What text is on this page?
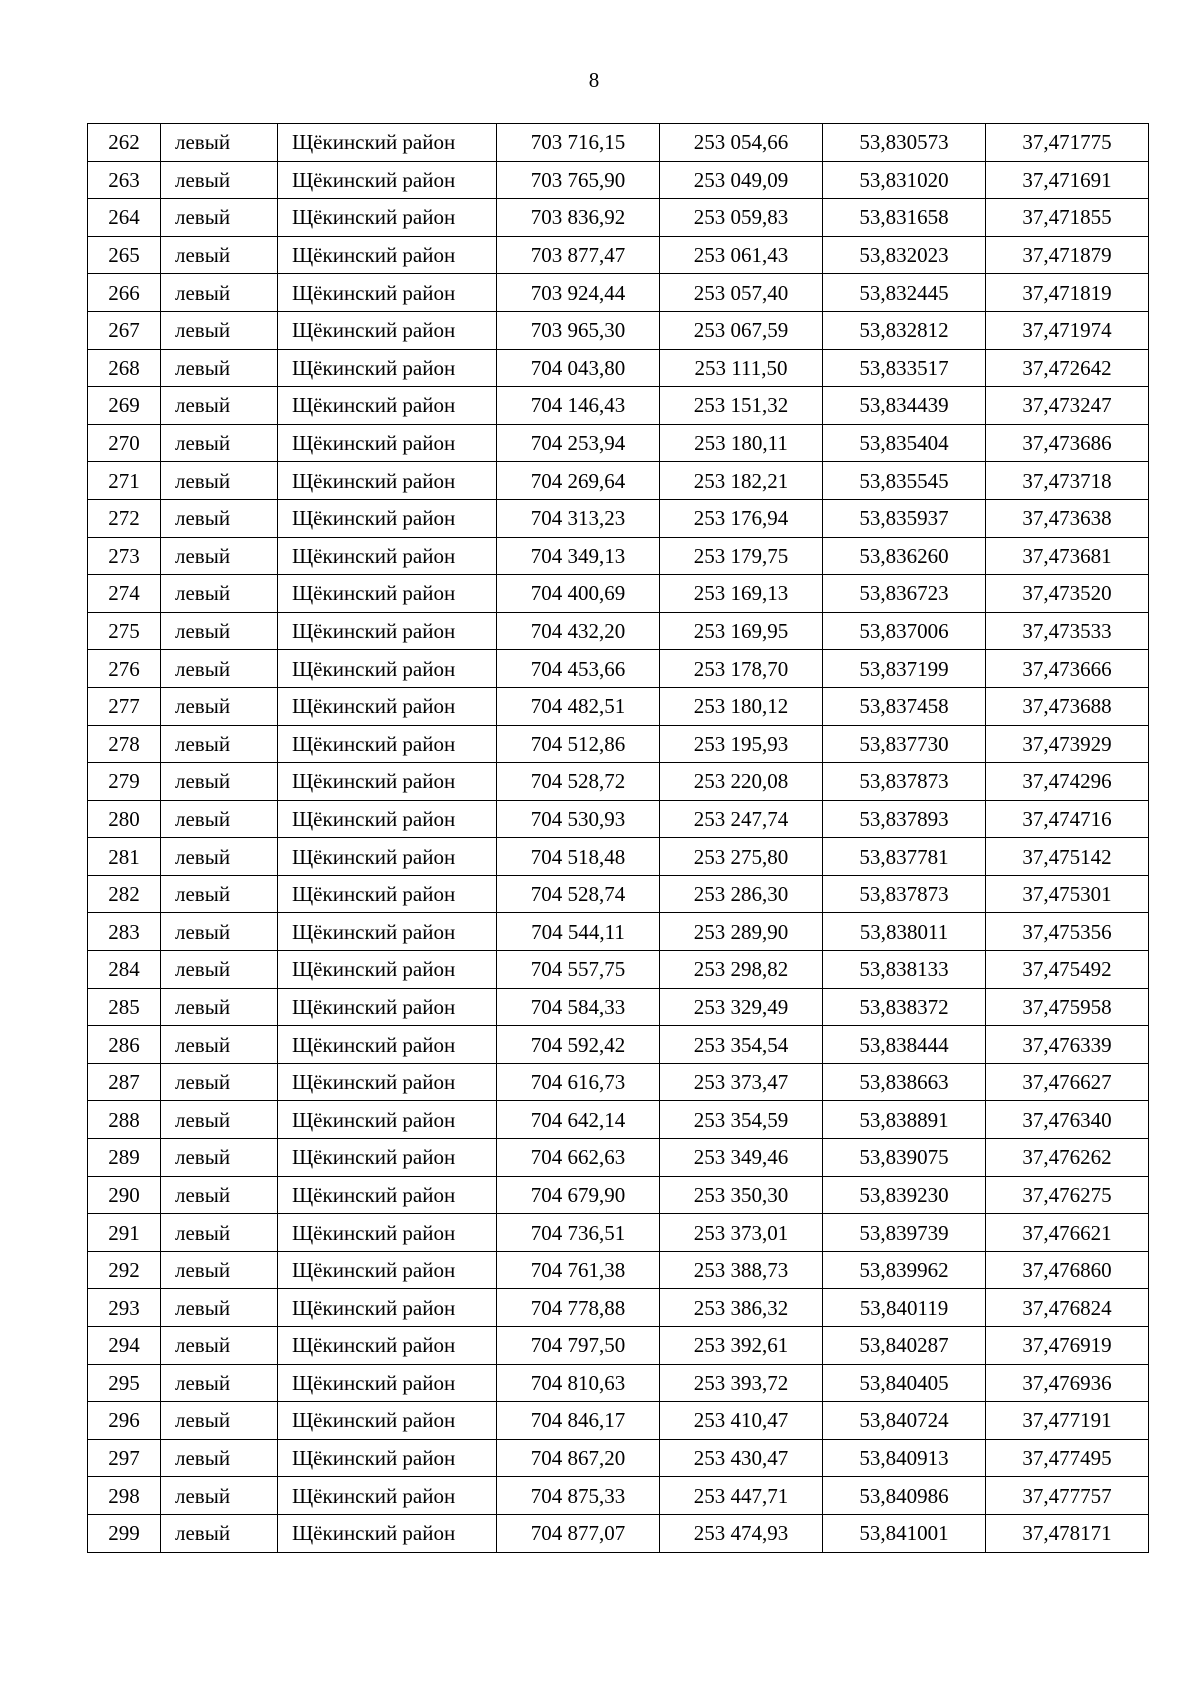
8
262	левый	Щёкинский район	703 716,15	253 054,66	53,830573	37,471775
263	левый	Щёкинский район	703 765,90	253 049,09	53,831020	37,471691
264	левый	Щёкинский район	703 836,92	253 059,83	53,831658	37,471855
265	левый	Щёкинский район	703 877,47	253 061,43	53,832023	37,471879
266	левый	Щёкинский район	703 924,44	253 057,40	53,832445	37,471819
267	левый	Щёкинский район	703 965,30	253 067,59	53,832812	37,471974
268	левый	Щёкинский район	704 043,80	253 111,50	53,833517	37,472642
269	левый	Щёкинский район	704 146,43	253 151,32	53,834439	37,473247
270	левый	Щёкинский район	704 253,94	253 180,11	53,835404	37,473686
271	левый	Щёкинский район	704 269,64	253 182,21	53,835545	37,473718
272	левый	Щёкинский район	704 313,23	253 176,94	53,835937	37,473638
273	левый	Щёкинский район	704 349,13	253 179,75	53,836260	37,473681
274	левый	Щёкинский район	704 400,69	253 169,13	53,836723	37,473520
275	левый	Щёкинский район	704 432,20	253 169,95	53,837006	37,473533
276	левый	Щёкинский район	704 453,66	253 178,70	53,837199	37,473666
277	левый	Щёкинский район	704 482,51	253 180,12	53,837458	37,473688
278	левый	Щёкинский район	704 512,86	253 195,93	53,837730	37,473929
279	левый	Щёкинский район	704 528,72	253 220,08	53,837873	37,474296
280	левый	Щёкинский район	704 530,93	253 247,74	53,837893	37,474716
281	левый	Щёкинский район	704 518,48	253 275,80	53,837781	37,475142
282	левый	Щёкинский район	704 528,74	253 286,30	53,837873	37,475301
283	левый	Щёкинский район	704 544,11	253 289,90	53,838011	37,475356
284	левый	Щёкинский район	704 557,75	253 298,82	53,838133	37,475492
285	левый	Щёкинский район	704 584,33	253 329,49	53,838372	37,475958
286	левый	Щёкинский район	704 592,42	253 354,54	53,838444	37,476339
287	левый	Щёкинский район	704 616,73	253 373,47	53,838663	37,476627
288	левый	Щёкинский район	704 642,14	253 354,59	53,838891	37,476340
289	левый	Щёкинский район	704 662,63	253 349,46	53,839075	37,476262
290	левый	Щёкинский район	704 679,90	253 350,30	53,839230	37,476275
291	левый	Щёкинский район	704 736,51	253 373,01	53,839739	37,476621
292	левый	Щёкинский район	704 761,38	253 388,73	53,839962	37,476860
293	левый	Щёкинский район	704 778,88	253 386,32	53,840119	37,476824
294	левый	Щёкинский район	704 797,50	253 392,61	53,840287	37,476919
295	левый	Щёкинский район	704 810,63	253 393,72	53,840405	37,476936
296	левый	Щёкинский район	704 846,17	253 410,47	53,840724	37,477191
297	левый	Щёкинский район	704 867,20	253 430,47	53,840913	37,477495
298	левый	Щёкинский район	704 875,33	253 447,71	53,840986	37,477757
299	левый	Щёкинский район	704 877,07	253 474,93	53,841001	37,478171
